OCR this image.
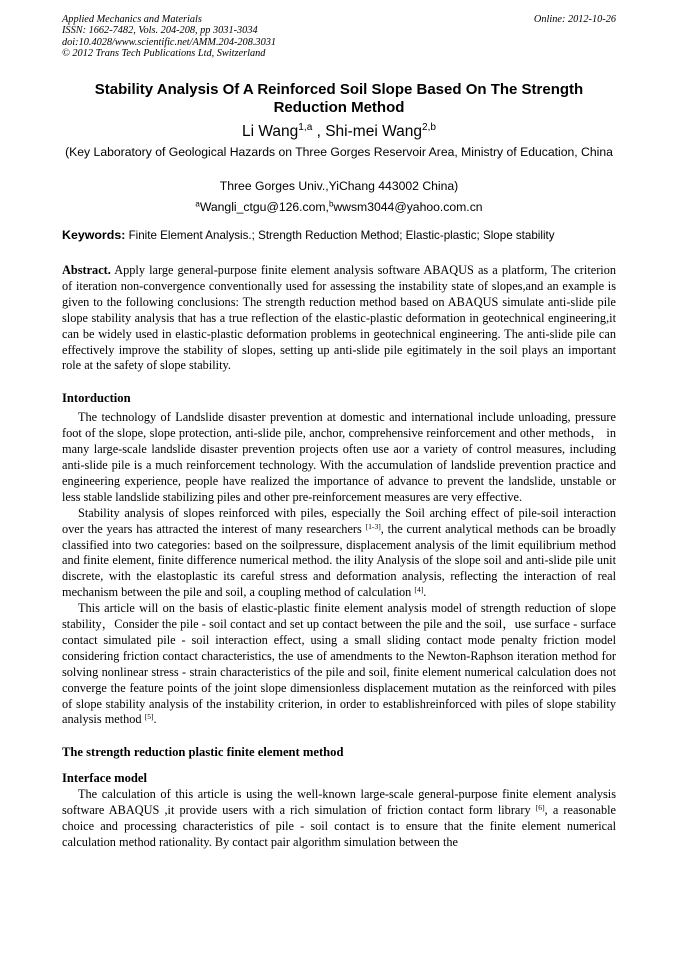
Applied Mechanics and Materials
ISSN: 1662-7482, Vols. 204-208, pp 3031-3034
doi:10.4028/www.scientific.net/AMM.204-208.3031
© 2012 Trans Tech Publications Ltd, Switzerland
Online: 2012-10-26
Stability Analysis Of A Reinforced Soil Slope Based On The Strength Reduction Method
Li Wang$^{1,a}$ , Shi-mei Wang$^{2,b}$
(Key Laboratory of Geological Hazards on Three Gorges Reservoir Area, Ministry of Education, China
Three Gorges Univ.,YiChang 443002 China)
$^a$Wangli_ctgu@126.com,$^b$wwsm3044@yahoo.com.cn
Keywords: Finite Element Analysis.; Strength Reduction Method; Elastic-plastic; Slope stability

Abstract. Apply large general-purpose finite element analysis software ABAQUS as a platform, The criterion of iteration non-convergence conventionally used for assessing the instability state of slopes,and an example is given to the following conclusions: The strength reduction method based on ABAQUS simulate anti-slide pile slope stability analysis that has a true reflection of the elastic-plastic deformation in geotechnical engineering,it can be widely used in elastic-plastic deformation problems in geotechnical engineering. The anti-slide pile can effectively improve the stability of slopes, setting up anti-slide pile egitimately in the soil plays an important role at the safety of slope stability.

Intorduction

The technology of Landslide disaster prevention at domestic and international include unloading, pressure foot of the slope, slope protection, anti-slide pile, anchor, comprehensive reinforcement and other methods， in many large-scale landslide disaster prevention projects often use aor a variety of control measures, including anti-slide pile is a much reinforcement technology. With the accumulation of landslide prevention practice and engineering experience, people have realized the importance of advance to prevent the landslide, unstable or less stable landslide stabilizing piles and other pre-reinforcement measures are very effective.

Stability analysis of slopes reinforced with piles, especially the Soil arching effect of pile-soil interaction over the years has attracted the interest of many researchers [1-3], the current analytical methods can be broadly classified into two categories: based on the soilpressure, displacement analysis of the limit equilibrium method and finite element, finite difference numerical method. the ility Analysis of the slope soil and anti-slide pile unit discrete, with the elastoplastic its careful stress and deformation analysis, reflecting the interaction of real mechanism between the pile and soil, a coupling method of calculation [4].

This article will on the basis of elastic-plastic finite element analysis model of strength reduction of slope stability，Consider the pile - soil contact and set up contact between the pile and the soil，use surface - surface contact simulated pile - soil interaction effect, using a small sliding contact mode penalty friction model considering friction contact characteristics, the use of amendments to the Newton-Raphson iteration method for solving nonlinear stress - strain characteristics of the pile and soil, finite element numerical calculation does not converge the feature points of the joint slope dimensionless displacement mutation as the reinforced with piles of slope stability analysis of the instability criterion, in order to establishreinforced with piles of slope stability analysis method [5].

The strength reduction plastic finite element method
Interface model

The calculation of this article is using the well-known large-scale general-purpose finite element analysis software ABAQUS ,it provide users with a rich simulation of friction contact form library [6], a reasonable choice and processing characteristics of pile - soil contact is to ensure that the finite element numerical calculation method rationality. By contact pair algorithm simulation between the
